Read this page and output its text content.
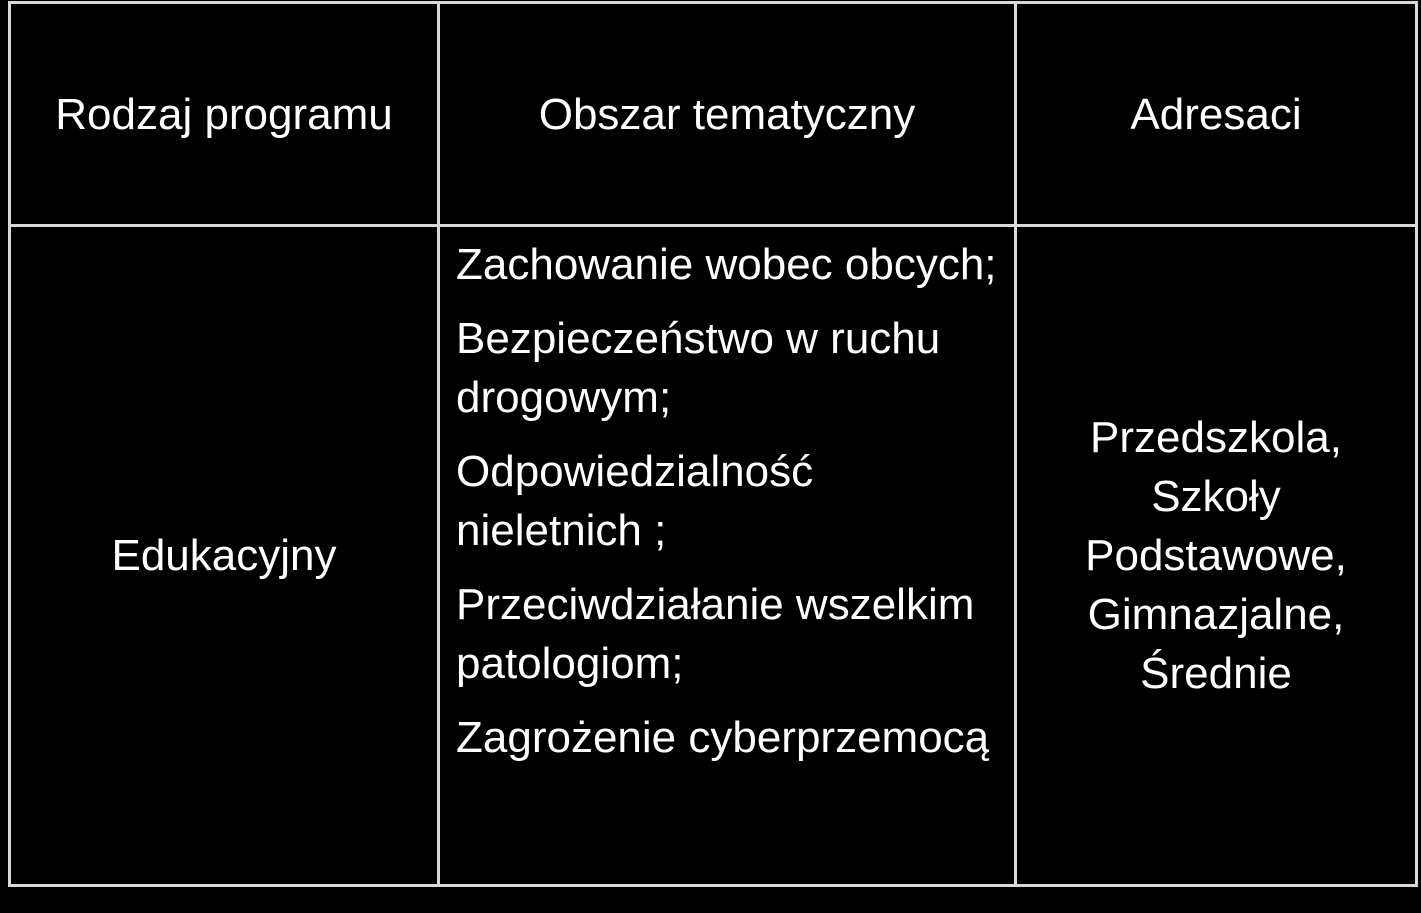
Rodzaj programu	Obszar tematyczny	Adresaci
Edukacyjny
Zachowanie wobec obcych;
Bezpieczeństwo w ruchu drogowym;
Odpowiedzialność nieletnich ;
Przeciwdziałanie wszelkim patologiom;
Zagrożenie cyberprzemocą
Przedszkola,
Szkoły
Podstawowe,
Gimnazjalne,
Średnie
